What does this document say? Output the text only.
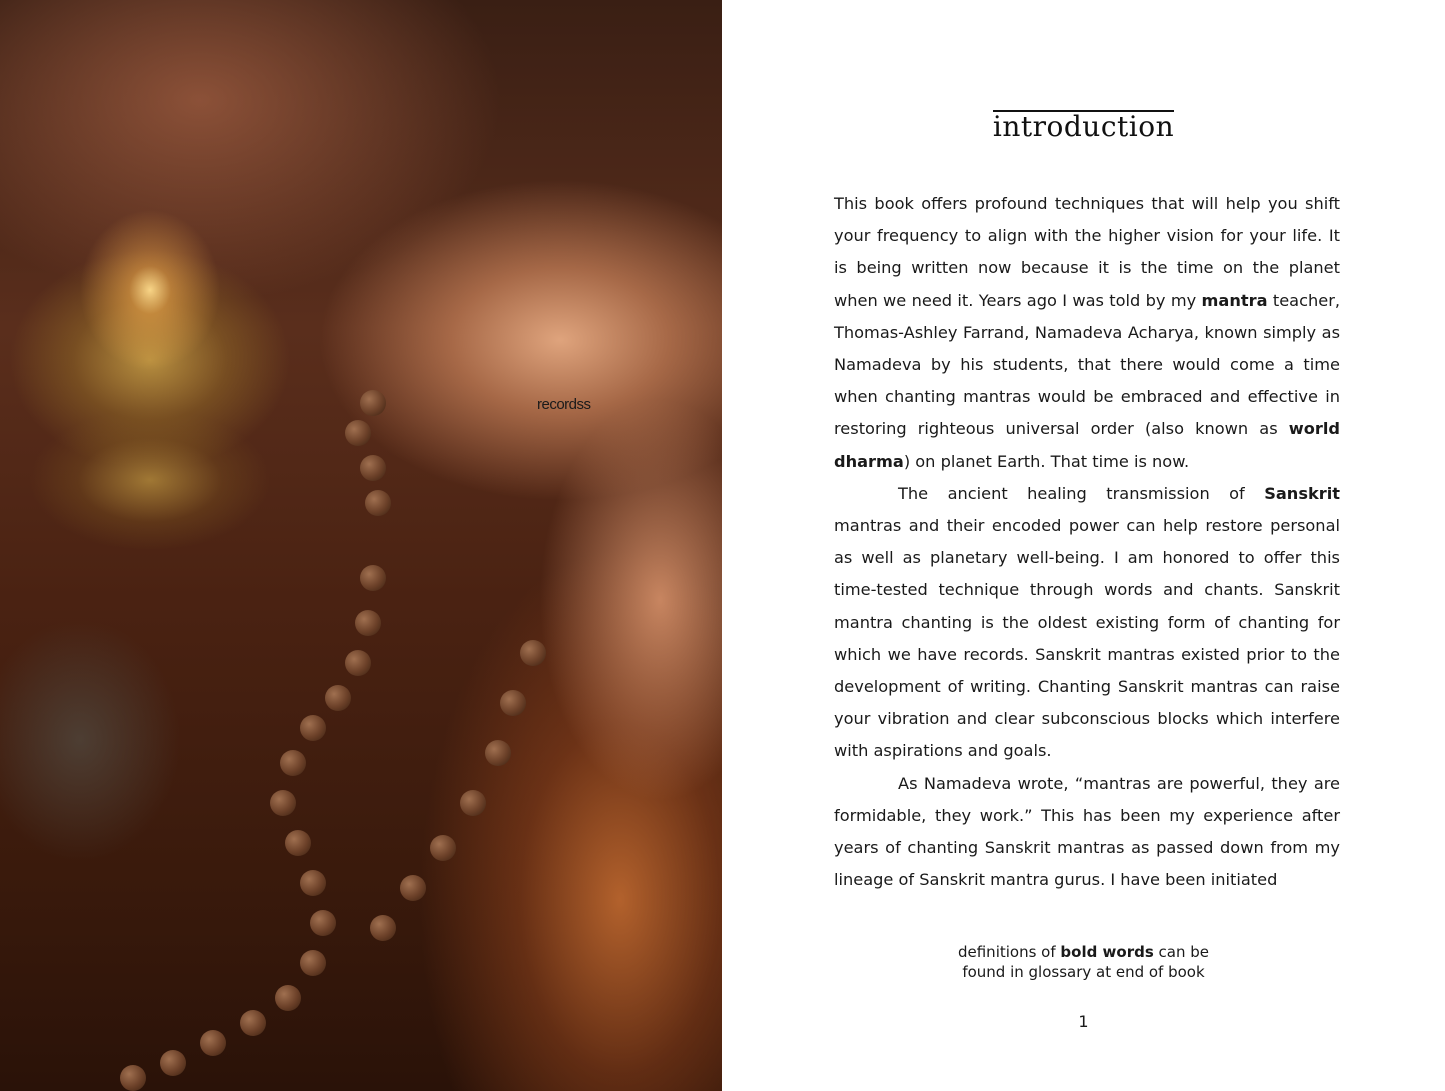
recordss
introduction

This book offers profound techniques that will help you shift your frequency to align with the higher vision for your life. It is being written now because it is the time on the planet when we need it. Years ago I was told by my mantra teacher, Thomas-Ashley Farrand, Namadeva Acharya, known simply as Namadeva by his students, that there would come a time when chanting mantras would be embraced and effective in restoring righteous universal order (also known as world dharma) on planet Earth. That time is now.

The ancient healing transmission of Sanskrit mantras and their encoded power can help restore personal as well as planetary well-being. I am honored to offer this time-tested technique through words and chants. Sanskrit mantra chanting is the oldest existing form of chanting for which we have records. Sanskrit mantras existed prior to the development of writing. Chanting Sanskrit mantras can raise your vibration and clear subconscious blocks which interfere with aspirations and goals.

As Namadeva wrote, “mantras are powerful, they are formidable, they work.” This has been my experience after years of chanting Sanskrit mantras as passed down from my lineage of Sanskrit mantra gurus. I have been initiated

definitions of bold words can be
found in glossary at end of book
1
